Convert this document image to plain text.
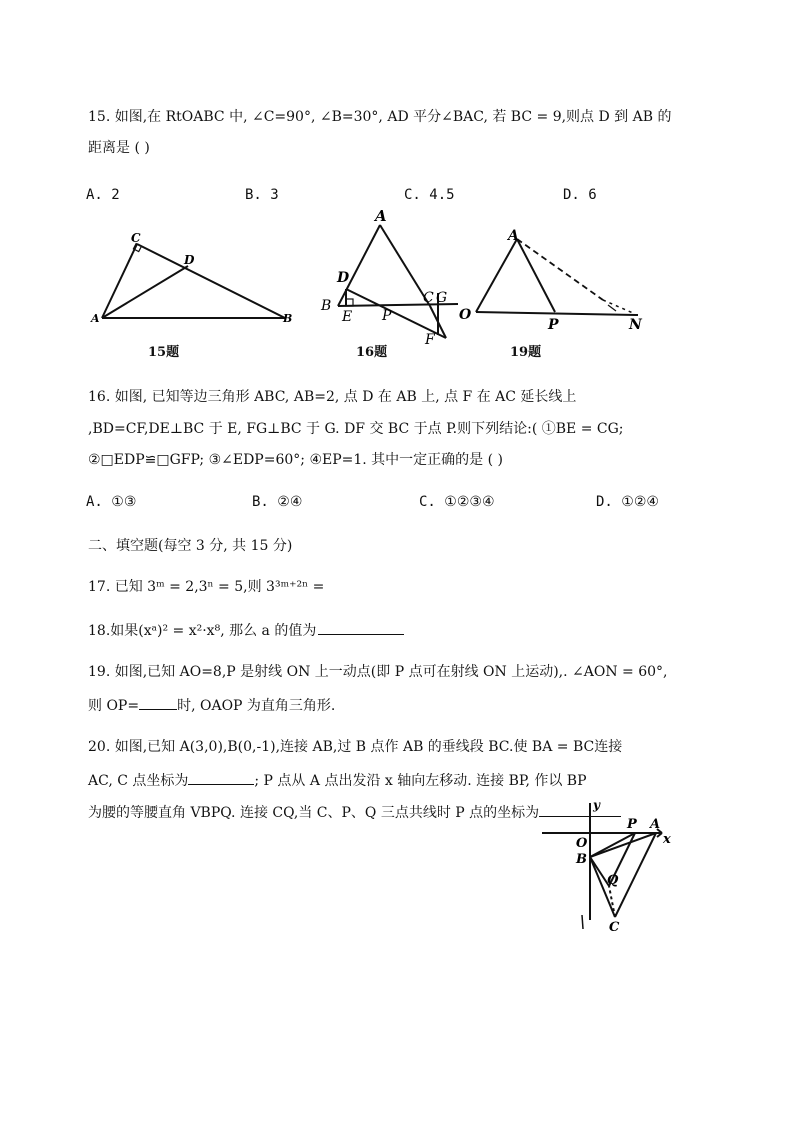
15. 如图,在 RtOABC 中, ∠C=90°, ∠B=30°, AD 平分∠BAC, 若 BC = 9,则点 D 到 AB 的
距离是 ( )
A. 2	B. 3	C. 4.5	D. 6
C
D
A	B
15题
A
D
B
E P
C G
F
16题
A
O
P	N
19题
16. 如图, 已知等边三角形 ABC, AB=2, 点 D 在 AB 上, 点 F 在 AC 延长线上
,BD=CF,DE⊥BC 于 E, FG⊥BC 于 G. DF 交 BC 于点 P.则下列结论:( ①BE = CG;
②□EDP≌□GFP; ③∠EDP=60°; ④EP=1. 其中一定正确的是 ( )
A. ①③	B. ②④	C. ①②③④	D. ①②④
二、填空题(每空 3 分, 共 15 分)
17. 已知 3ᵐ = 2,3ⁿ = 5,则 3³ᵐ⁺²ⁿ =
18.如果(xᵃ)² = x²·x⁸, 那么 a 的值为
19. 如图,已知 AO=8,P 是射线 ON 上一动点(即 P 点可在射线 ON 上运动),. ∠AON = 60°,
则 OP=	时, OAOP 为直角三角形.
20. 如图,已知 A(3,0),B(0,-1),连接 AB,过 B 点作 AB 的垂线段 BC.使 BA = BC连接
AC, C 点坐标为	; P 点从 A 点出发沿 x 轴向左移动. 连接 BP, 作以 BP
为腰的等腰直角 VBPQ. 连接 CQ,当 C、P、Q 三点共线时 P 点的坐标为	y
O
P A
x
B
Q
C
